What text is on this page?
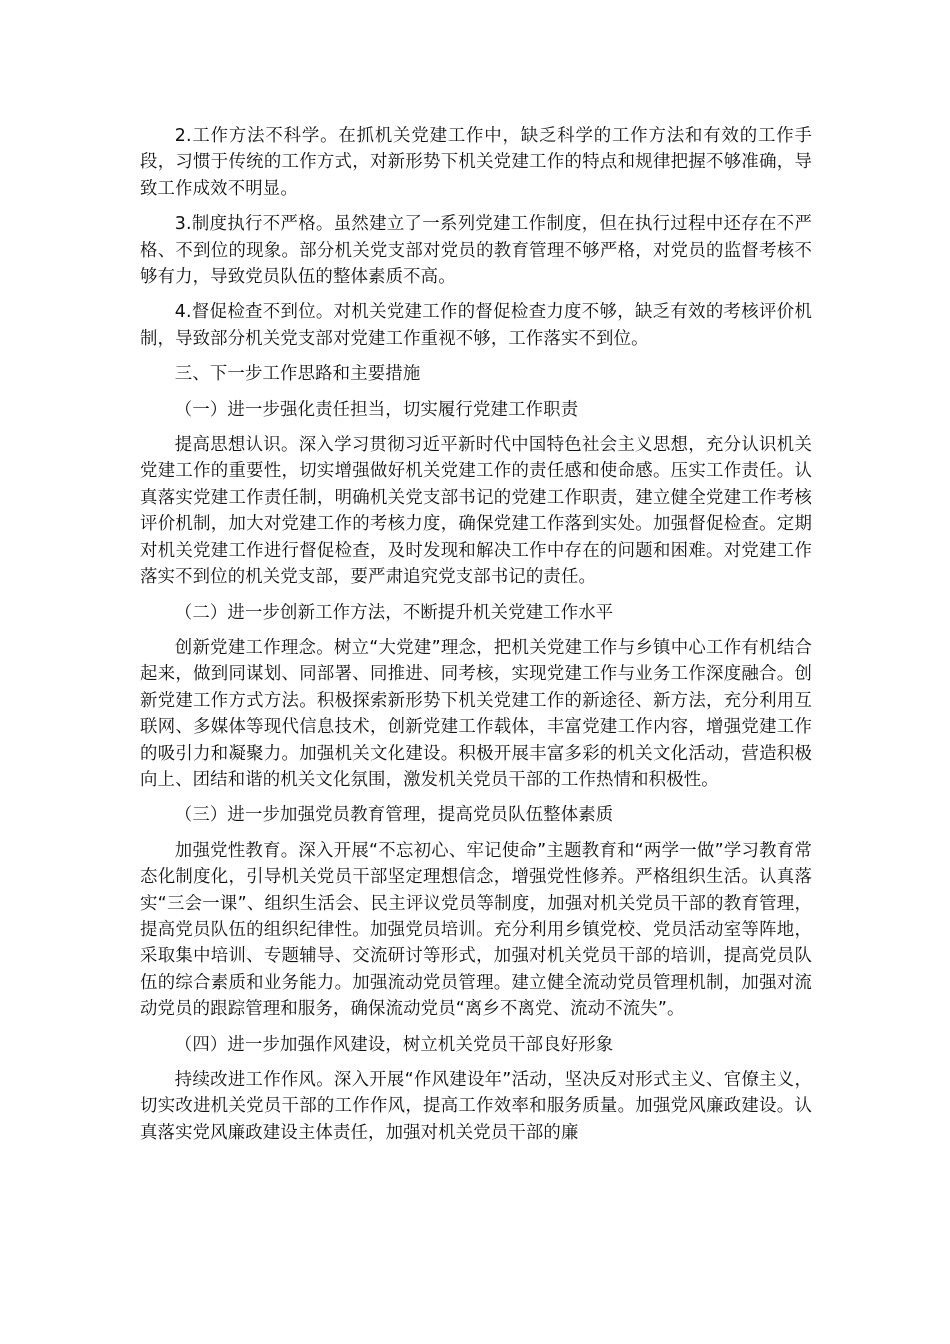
2.工作方法不科学。在抓机关党建工作中，缺乏科学的工作方法和有效的工作手段，习惯于传统的工作方式，对新形势下机关党建工作的特点和规律把握不够准确，导致工作成效不明显。

3.制度执行不严格。虽然建立了一系列党建工作制度，但在执行过程中还存在不严格、不到位的现象。部分机关党支部对党员的教育管理不够严格，对党员的监督考核不够有力，导致党员队伍的整体素质不高。

4.督促检查不到位。对机关党建工作的督促检查力度不够，缺乏有效的考核评价机制，导致部分机关党支部对党建工作重视不够，工作落实不到位。

三、下一步工作思路和主要措施

（一）进一步强化责任担当，切实履行党建工作职责

提高思想认识。深入学习贯彻习近平新时代中国特色社会主义思想，充分认识机关党建工作的重要性，切实增强做好机关党建工作的责任感和使命感。压实工作责任。认真落实党建工作责任制，明确机关党支部书记的党建工作职责，建立健全党建工作考核评价机制，加大对党建工作的考核力度，确保党建工作落到实处。加强督促检查。定期对机关党建工作进行督促检查，及时发现和解决工作中存在的问题和困难。对党建工作落实不到位的机关党支部，要严肃追究党支部书记的责任。

（二）进一步创新工作方法，不断提升机关党建工作水平

创新党建工作理念。树立“大党建”理念，把机关党建工作与乡镇中心工作有机结合起来，做到同谋划、同部署、同推进、同考核，实现党建工作与业务工作深度融合。创新党建工作方式方法。积极探索新形势下机关党建工作的新途径、新方法，充分利用互联网、多媒体等现代信息技术，创新党建工作载体，丰富党建工作内容，增强党建工作的吸引力和凝聚力。加强机关文化建设。积极开展丰富多彩的机关文化活动，营造积极向上、团结和谐的机关文化氛围，激发机关党员干部的工作热情和积极性。

（三）进一步加强党员教育管理，提高党员队伍整体素质

加强党性教育。深入开展“不忘初心、牢记使命”主题教育和“两学一做”学习教育常态化制度化，引导机关党员干部坚定理想信念，增强党性修养。严格组织生活。认真落实“三会一课”、组织生活会、民主评议党员等制度，加强对机关党员干部的教育管理，提高党员队伍的组织纪律性。加强党员培训。充分利用乡镇党校、党员活动室等阵地，采取集中培训、专题辅导、交流研讨等形式，加强对机关党员干部的培训，提高党员队伍的综合素质和业务能力。加强流动党员管理。建立健全流动党员管理机制，加强对流动党员的跟踪管理和服务，确保流动党员“离乡不离党、流动不流失”。

（四）进一步加强作风建设，树立机关党员干部良好形象

持续改进工作作风。深入开展“作风建设年”活动，坚决反对形式主义、官僚主义，切实改进机关党员干部的工作作风，提高工作效率和服务质量。加强党风廉政建设。认真落实党风廉政建设主体责任，加强对机关党员干部的廉
